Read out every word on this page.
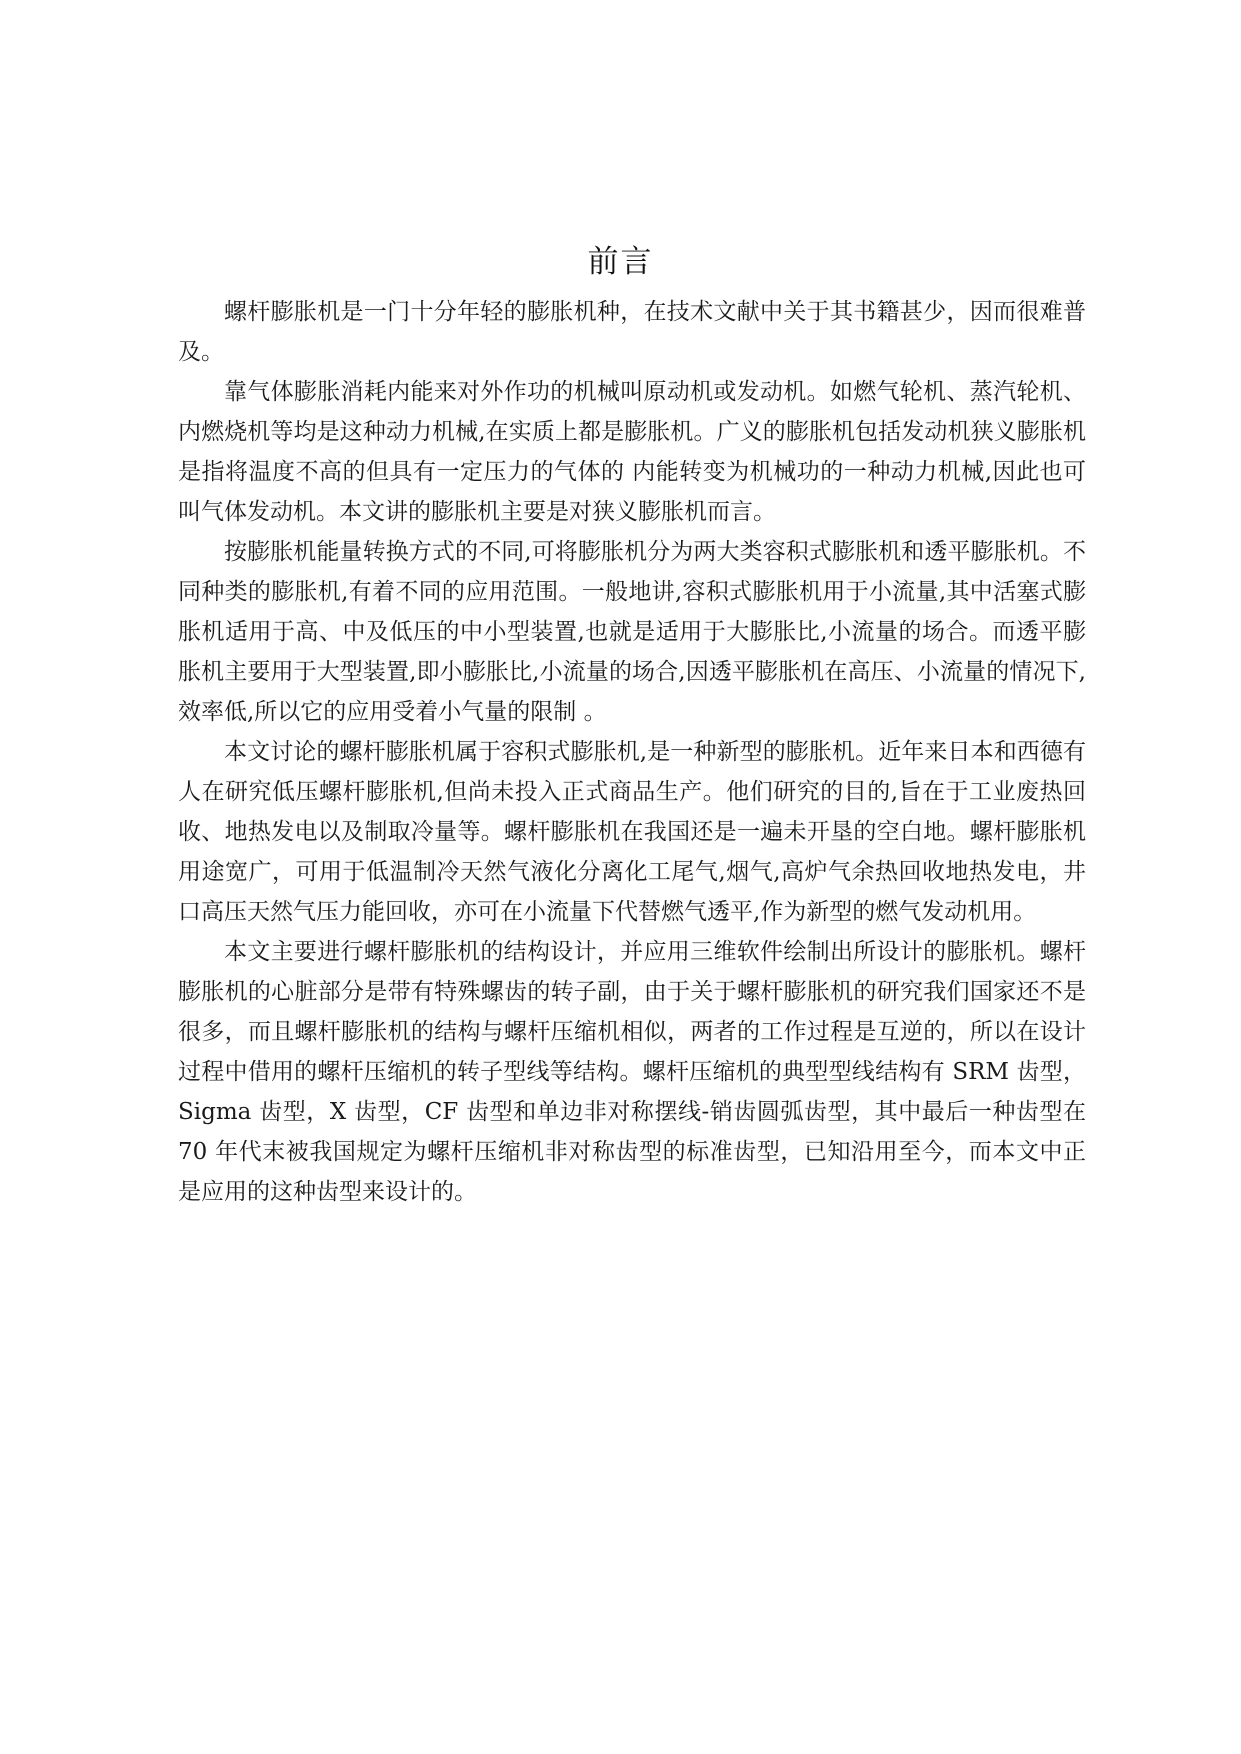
前言

螺杆膨胀机是一门十分年轻的膨胀机种，在技术文献中关于其书籍甚少，因而很难普及。

靠气体膨胀消耗内能来对外作功的机械叫原动机或发动机。如燃气轮机、蒸汽轮机、内燃烧机等均是这种动力机械,在实质上都是膨胀机。广义的膨胀机包括发动机狭义膨胀机是指将温度不高的但具有一定压力的气体的 内能转变为机械功的一种动力机械,因此也可叫气体发动机。本文讲的膨胀机主要是对狭义膨胀机而言。

按膨胀机能量转换方式的不同,可将膨胀机分为两大类容积式膨胀机和透平膨胀机。不同种类的膨胀机,有着不同的应用范围。一般地讲,容积式膨胀机用于小流量,其中活塞式膨胀机适用于高、中及低压的中小型装置,也就是适用于大膨胀比,小流量的场合。而透平膨胀机主要用于大型装置,即小膨胀比,小流量的场合,因透平膨胀机在高压、小流量的情况下,效率低,所以它的应用受着小气量的限制 。

本文讨论的螺杆膨胀机属于容积式膨胀机,是一种新型的膨胀机。近年来日本和西德有人在研究低压螺杆膨胀机,但尚未投入正式商品生产。他们研究的目的,旨在于工业废热回收、地热发电以及制取冷量等。螺杆膨胀机在我国还是一遍未开垦的空白地。螺杆膨胀机用途宽广，可用于低温制冷天然气液化分离化工尾气,烟气,高炉气余热回收地热发电，井口高压天然气压力能回收，亦可在小流量下代替燃气透平,作为新型的燃气发动机用。

本文主要进行螺杆膨胀机的结构设计，并应用三维软件绘制出所设计的膨胀机。螺杆膨胀机的心脏部分是带有特殊螺齿的转子副，由于关于螺杆膨胀机的研究我们国家还不是很多，而且螺杆膨胀机的结构与螺杆压缩机相似，两者的工作过程是互逆的，所以在设计过程中借用的螺杆压缩机的转子型线等结构。螺杆压缩机的典型型线结构有 SRM 齿型，Sigma 齿型，X 齿型，CF 齿型和单边非对称摆线-销齿圆弧齿型，其中最后一种齿型在 70 年代末被我国规定为螺杆压缩机非对称齿型的标准齿型，已知沿用至今，而本文中正是应用的这种齿型来设计的。
